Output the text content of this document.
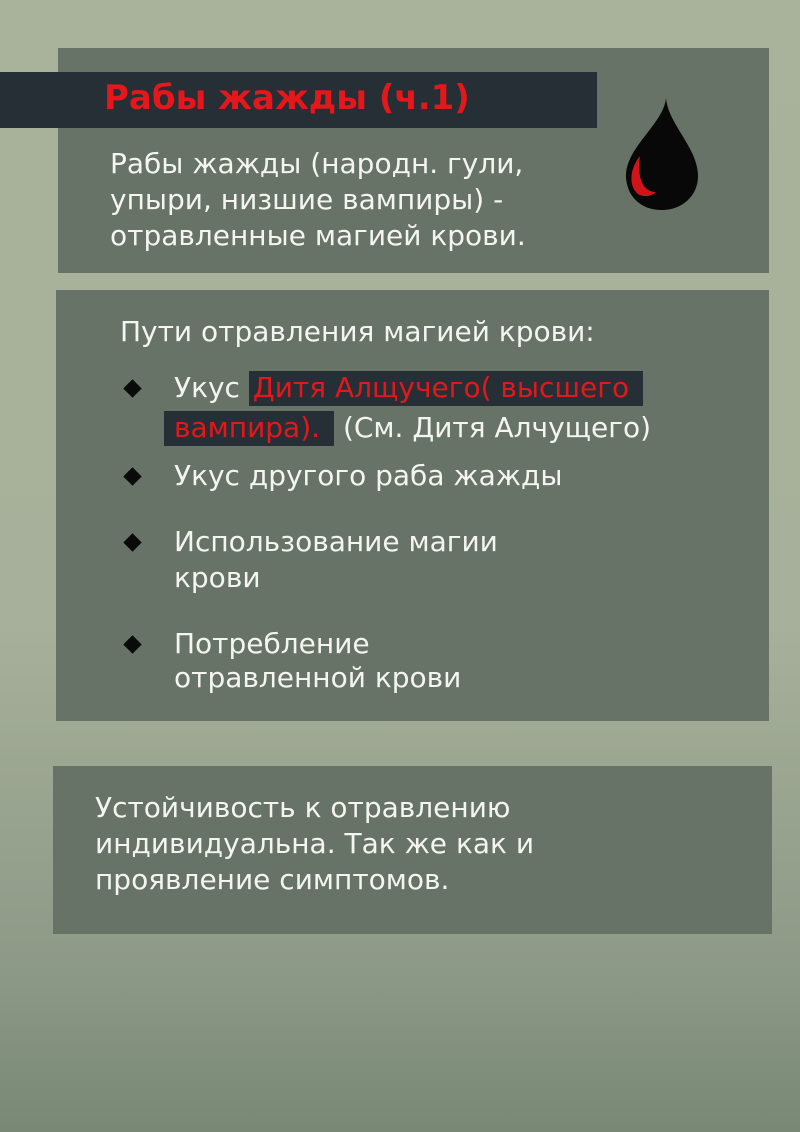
Рабы жажды (ч.1)
Рабы жажды (народн. гули,
упыри, низшие вампиры) -
отравленные магией крови.
Пути отравления магией крови:
Укус Дитя Алщучего( высшего
вампира). (См. Дитя Алчущего)
Укус другого раба жажды
Использование магии
крови
Потребление
отравленной крови
Устойчивость к отравлению
индивидуальна. Так же как и
проявление симптомов.
